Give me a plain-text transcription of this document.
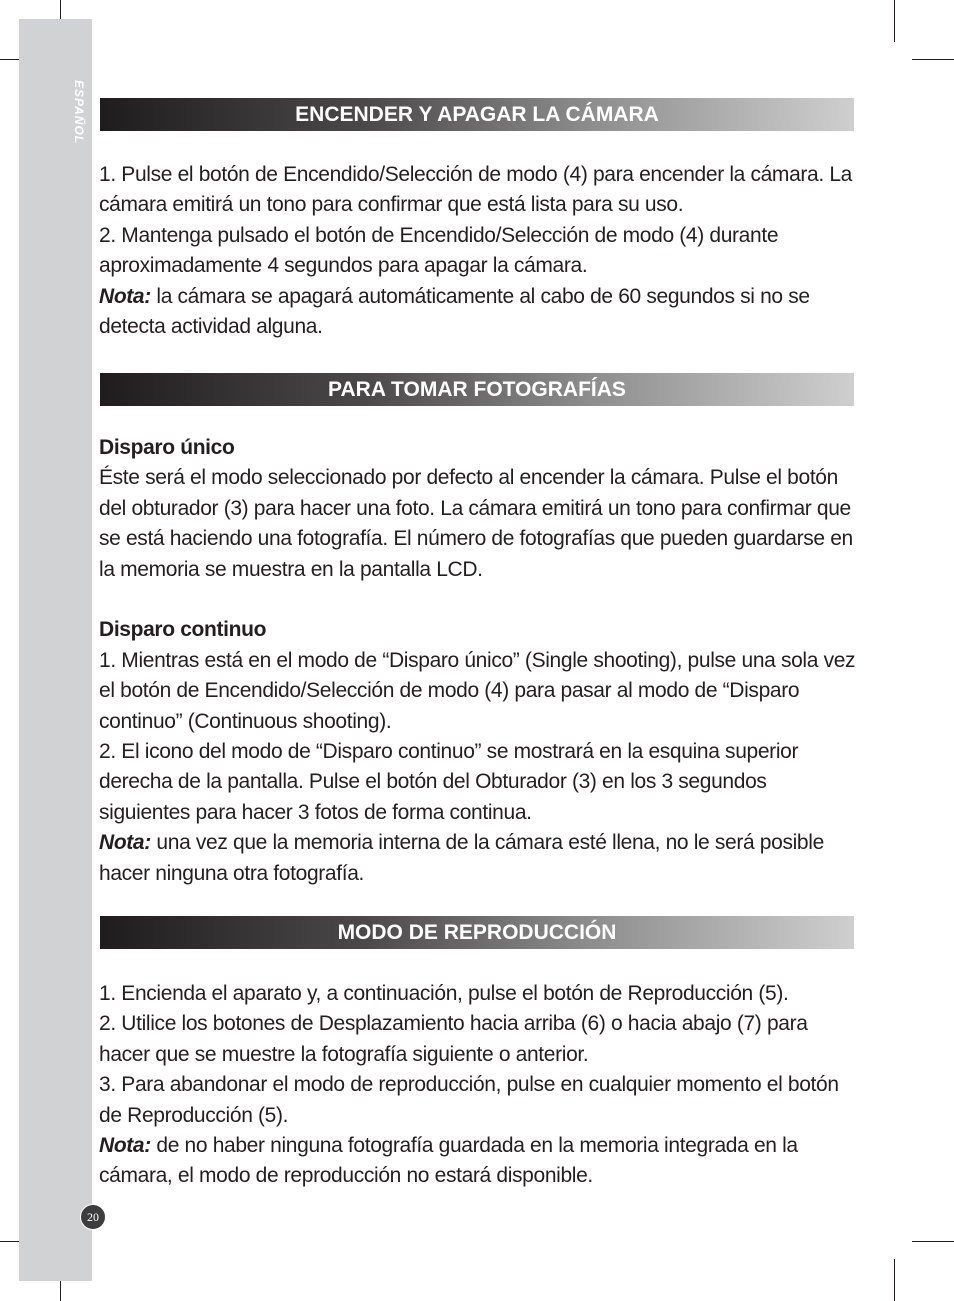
ESPAÑOL
20
ENCENDER Y APAGAR LA CÁMARA

1. Pulse el botón de Encendido/Selección de modo (4) para encender la cámara. La cámara emitirá un tono para confirmar que está lista para su uso.

2. Mantenga pulsado el botón de Encendido/Selección de modo (4) durante aproximadamente 4 segundos para apagar la cámara.

Nota: la cámara se apagará automáticamente al cabo de 60 segundos si no se detecta actividad alguna.

PARA TOMAR FOTOGRAFÍAS

Disparo único

Éste será el modo seleccionado por defecto al encender la cámara. Pulse el botón del obturador (3) para hacer una foto. La cámara emitirá un tono para confirmar que se está haciendo una fotografía. El número de fotografías que pueden guardarse en la memoria se muestra en la pantalla LCD.

Disparo continuo

1. Mientras está en el modo de “Disparo único” (Single shooting), pulse una sola vez el botón de Encendido/Selección de modo (4) para pasar al modo de “Disparo continuo” (Continuous shooting).

2. El icono del modo de “Disparo continuo” se mostrará en la esquina superior derecha de la pantalla. Pulse el botón del Obturador (3) en los 3 segundos siguientes para hacer 3 fotos de forma continua.

Nota: una vez que la memoria interna de la cámara esté llena, no le será posible hacer ninguna otra fotografía.

MODO DE REPRODUCCIÓN

1. Encienda el aparato y, a continuación, pulse el botón de Reproducción (5).

2. Utilice los botones de Desplazamiento hacia arriba (6) o hacia abajo (7) para hacer que se muestre la fotografía siguiente o anterior.

3. Para abandonar el modo de reproducción, pulse en cualquier momento el botón de Reproducción (5).

Nota: de no haber ninguna fotografía guardada en la memoria integrada en la cámara, el modo de reproducción no estará disponible.
